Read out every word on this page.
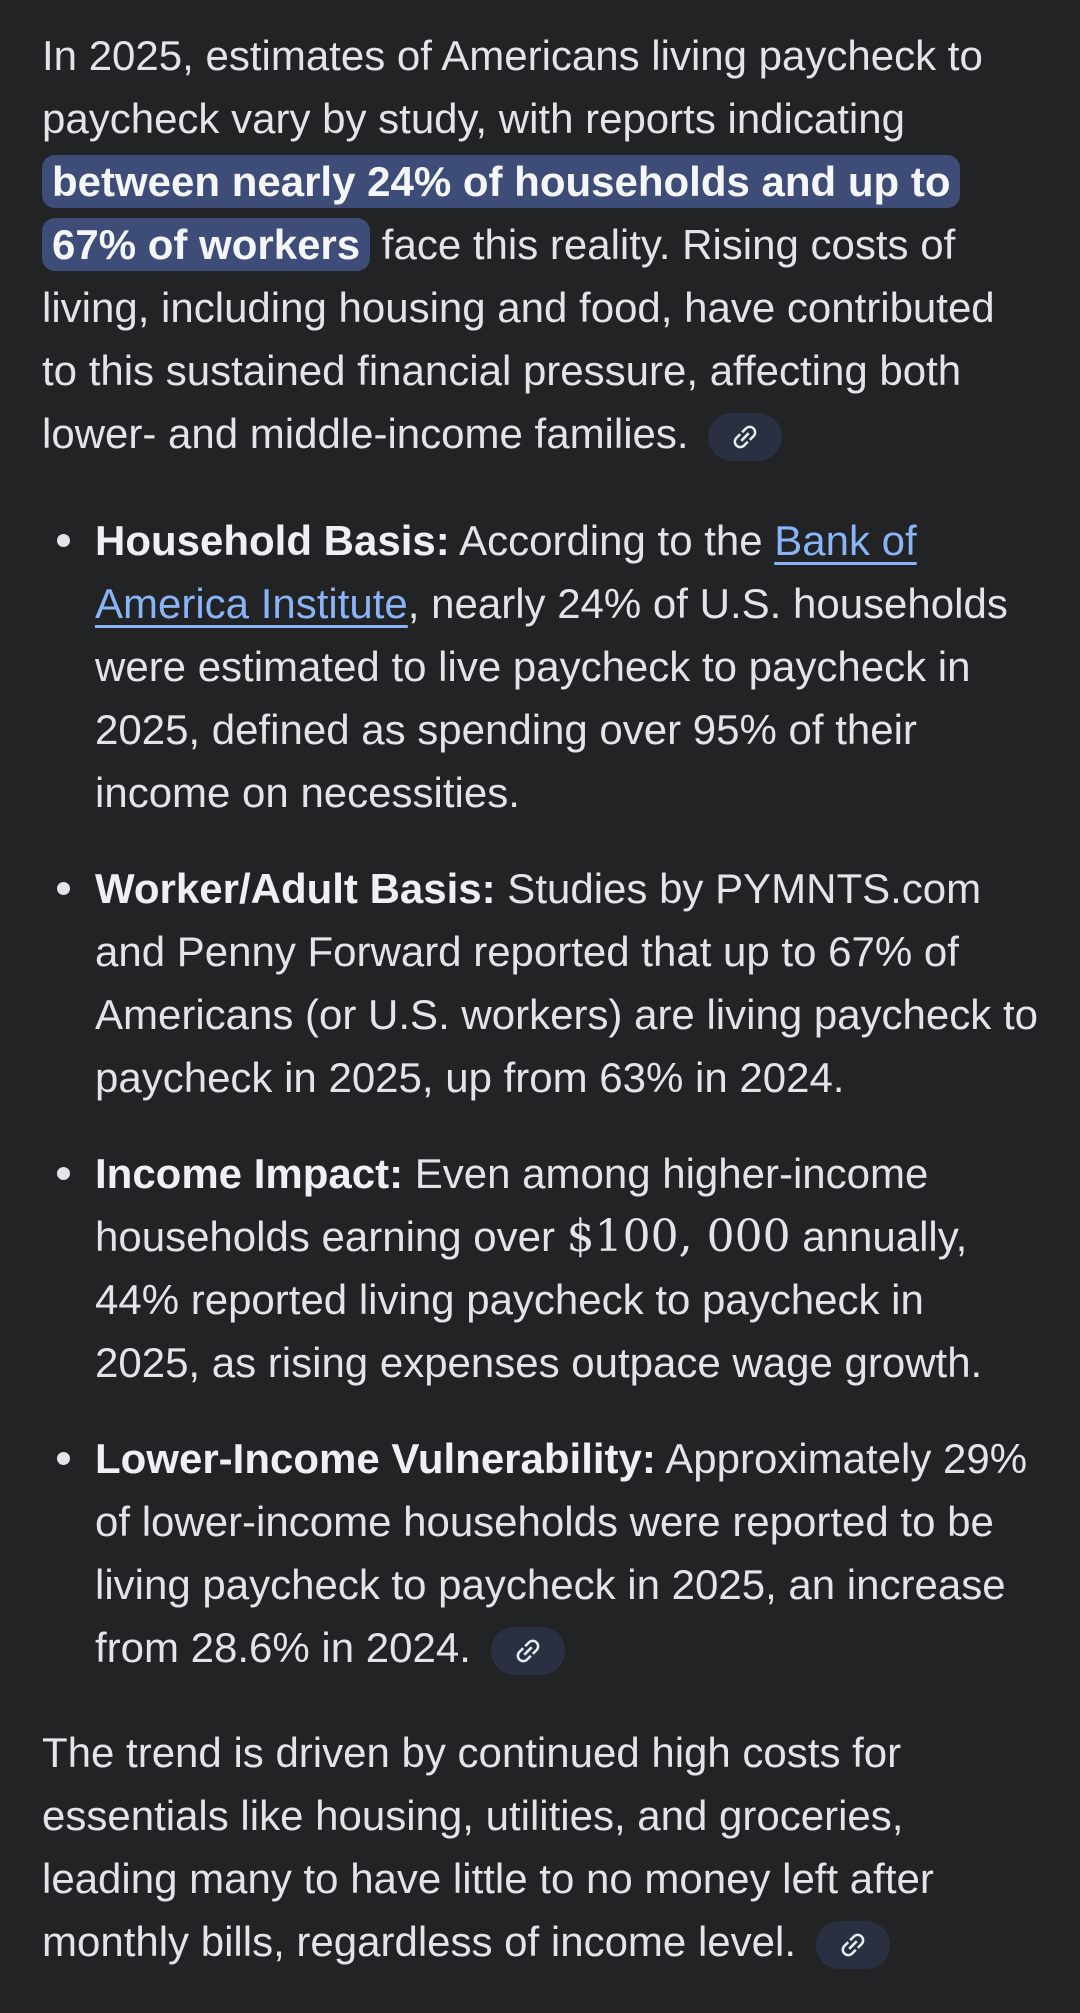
In 2025, estimates of Americans living paycheck to paycheck vary by study, with reports indicating between nearly 24% of households and up to 67% of workers face this reality. Rising costs of living, including housing and food, have contributed to this sustained financial pressure, affecting both lower- and middle-income families.

Household Basis: According to the Bank of America Institute, nearly 24% of U.S. households were estimated to live paycheck to paycheck in 2025, defined as spending over 95% of their income on necessities.
Worker/Adult Basis: Studies by PYMNTS.com and Penny Forward reported that up to 67% of Americans (or U.S. workers) are living paycheck to paycheck in 2025, up from 63% in 2024.
Income Impact: Even among higher-income households earning over $100, 000 annually, 44% reported living paycheck to paycheck in 2025, as rising expenses outpace wage growth.
Lower-Income Vulnerability: Approximately 29% of lower-income households were reported to be living paycheck to paycheck in 2025, an increase from 28.6% in 2024.

The trend is driven by continued high costs for essentials like housing, utilities, and groceries, leading many to have little to no money left after monthly bills, regardless of income level.
